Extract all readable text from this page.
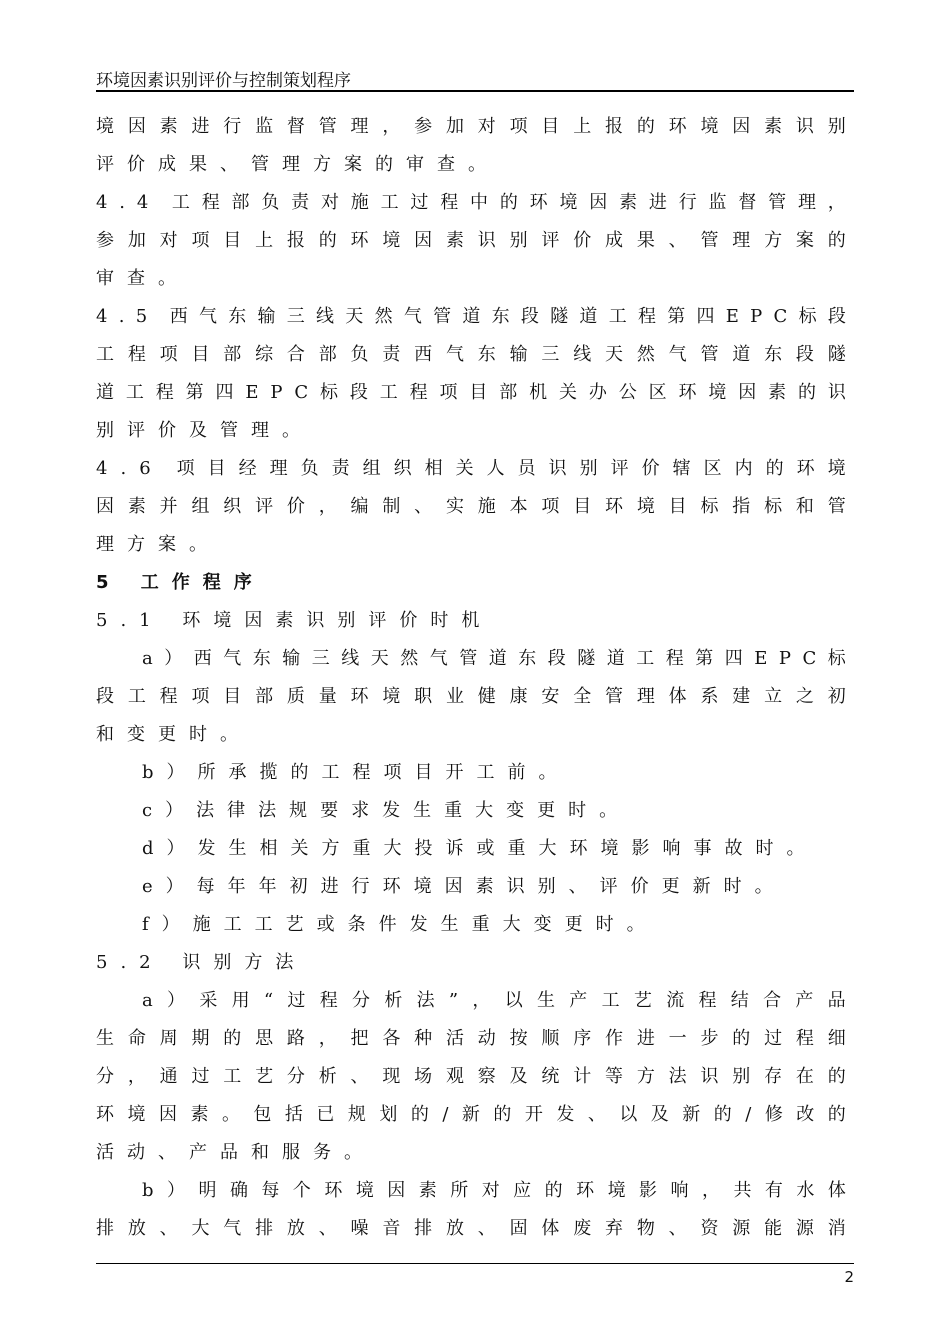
环境因素识别评价与控制策划程序
境 因 素 进 行 监 督 管 理 ， 参 加 对 项 目 上 报 的 环 境 因 素 识 别
评价成果、管理方案的审查。
4 . 4 工 程 部 负 责 对 施 工 过 程 中 的 环 境 因 素 进 行 监 督 管 理 ，
参 加 对 项 目 上 报 的 环 境 因 素 识 别 评 价 成 果 、 管 理 方 案 的
审查。
4 . 5 西 气 东 输 三 线 天 然 气 管 道 东 段 隧 道 工 程 第 四 E P C 标 段
工 程 项 目 部 综 合 部 负 责 西 气 东 输 三 线 天 然 气 管 道 东 段 隧
道 工 程 第 四 E P C 标 段 工 程 项 目 部 机 关 办 公 区 环 境 因 素 的 识
别评价及管理。
4 . 6 项 目 经 理 负 责 组 织 相 关 人 员 识 别 评 价 辖 区 内 的 环 境
因 素 并 组 织 评 价 ， 编 制 、 实 施 本 项 目 环 境 目 标 指 标 和 管
理方案。
5 工作程序
5.1 环境因素识别评价时机
a ） 西 气 东 输 三 线 天 然 气 管 道 东 段 隧 道 工 程 第 四 E P C 标
段 工 程 项 目 部 质 量 环 境 职 业 健 康 安 全 管 理 体 系 建 立 之 初
和变更时。
b）所承揽的工程项目开工前。
c）法律法规要求发生重大变更时。
d）发生相关方重大投诉或重大环境影响事故时。
e）每年年初进行环境因素识别、评价更新时。
f）施工工艺或条件发生重大变更时。
5.2 识别方法
a ） 采 用 “ 过 程 分 析 法 ” ， 以 生 产 工 艺 流 程 结 合 产 品
生 命 周 期 的 思 路 ， 把 各 种 活 动 按 顺 序 作 进 一 步 的 过 程 细
分 ， 通 过 工 艺 分 析 、 现 场 观 察 及 统 计 等 方 法 识 别 存 在 的
环 境 因 素 。 包 括 已 规 划 的 / 新 的 开 发 、 以 及 新 的 / 修 改 的
活动、产品和服务。
b ） 明 确 每 个 环 境 因 素 所 对 应 的 环 境 影 响 ， 共 有 水 体
排 放 、 大 气 排 放 、 噪 音 排 放 、 固 体 废 弃 物 、 资 源 能 源 消
2
